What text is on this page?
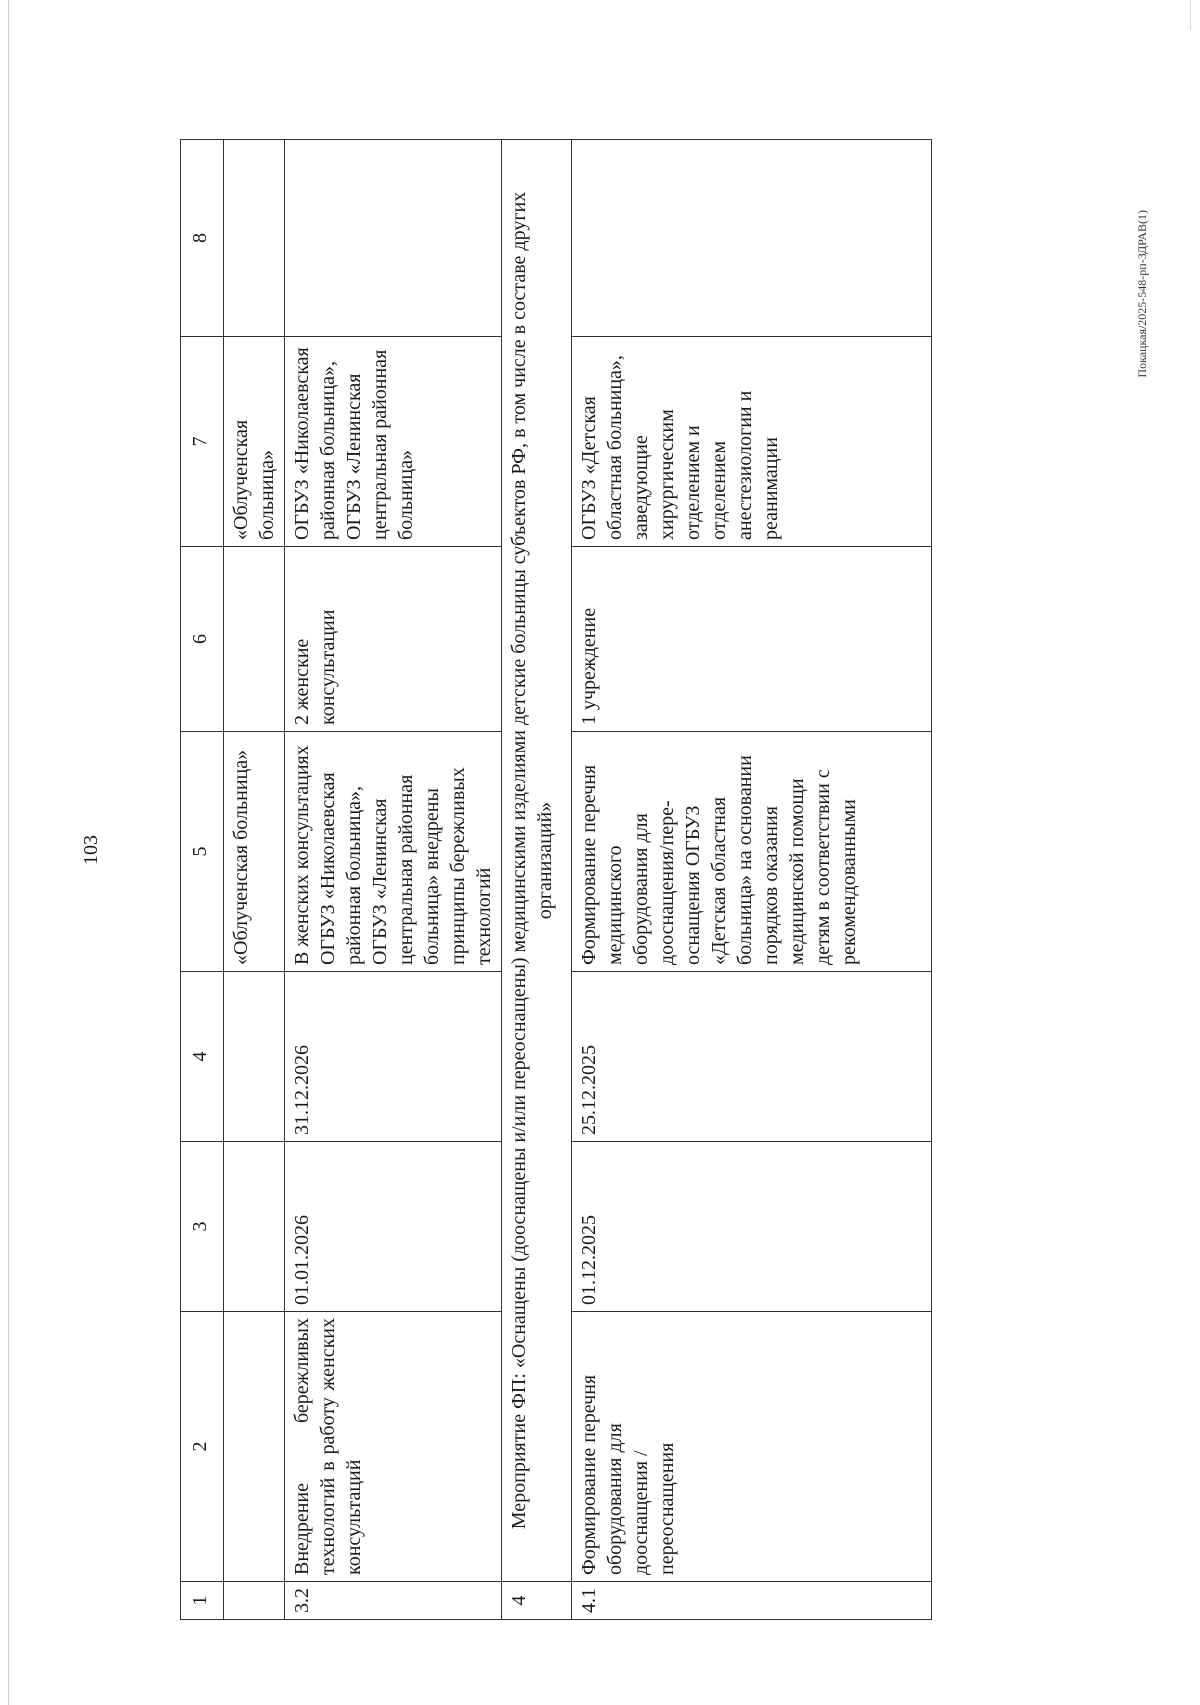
103
1	2	3	4	5	6	7	8
				«Облученская больница»		«Облученская больница»	
3.2	Внедрение бережливых технологий в работу женских консультаций	01.01.2026	31.12.2026	В женских консультациях ОГБУЗ «Николаевская районная больница», ОГБУЗ «Ленинская центральная районная больница» внедрены принципы бережливых технологий	2 женские консультации	ОГБУЗ «Николаевская районная больница», ОГБУЗ «Ленинская центральная районная больница»	
4	Мероприятие ФП: «Оснащены (дооснащены и/или переоснащены) медицинскими изделиями детские больницы субъектов РФ, в том числе в составе других организаций»						
4.1	Формирование перечня оборудования для дооснащения / переоснащения	01.12.2025	25.12.2025	Формирование перечня медицинского оборудования для дооснащения/пере-оснащения ОГБУЗ «Детская областная больница» на основании порядков оказания медицинской помощи детям в соответствии с рекомендованными	1 учреждение	ОГБУЗ «Детская областная больница», заведующие хирургическим отделением и отделением анестезиологии и реанимации	
Покацкая/2025-548-рп-ЗДРАВ(1)
